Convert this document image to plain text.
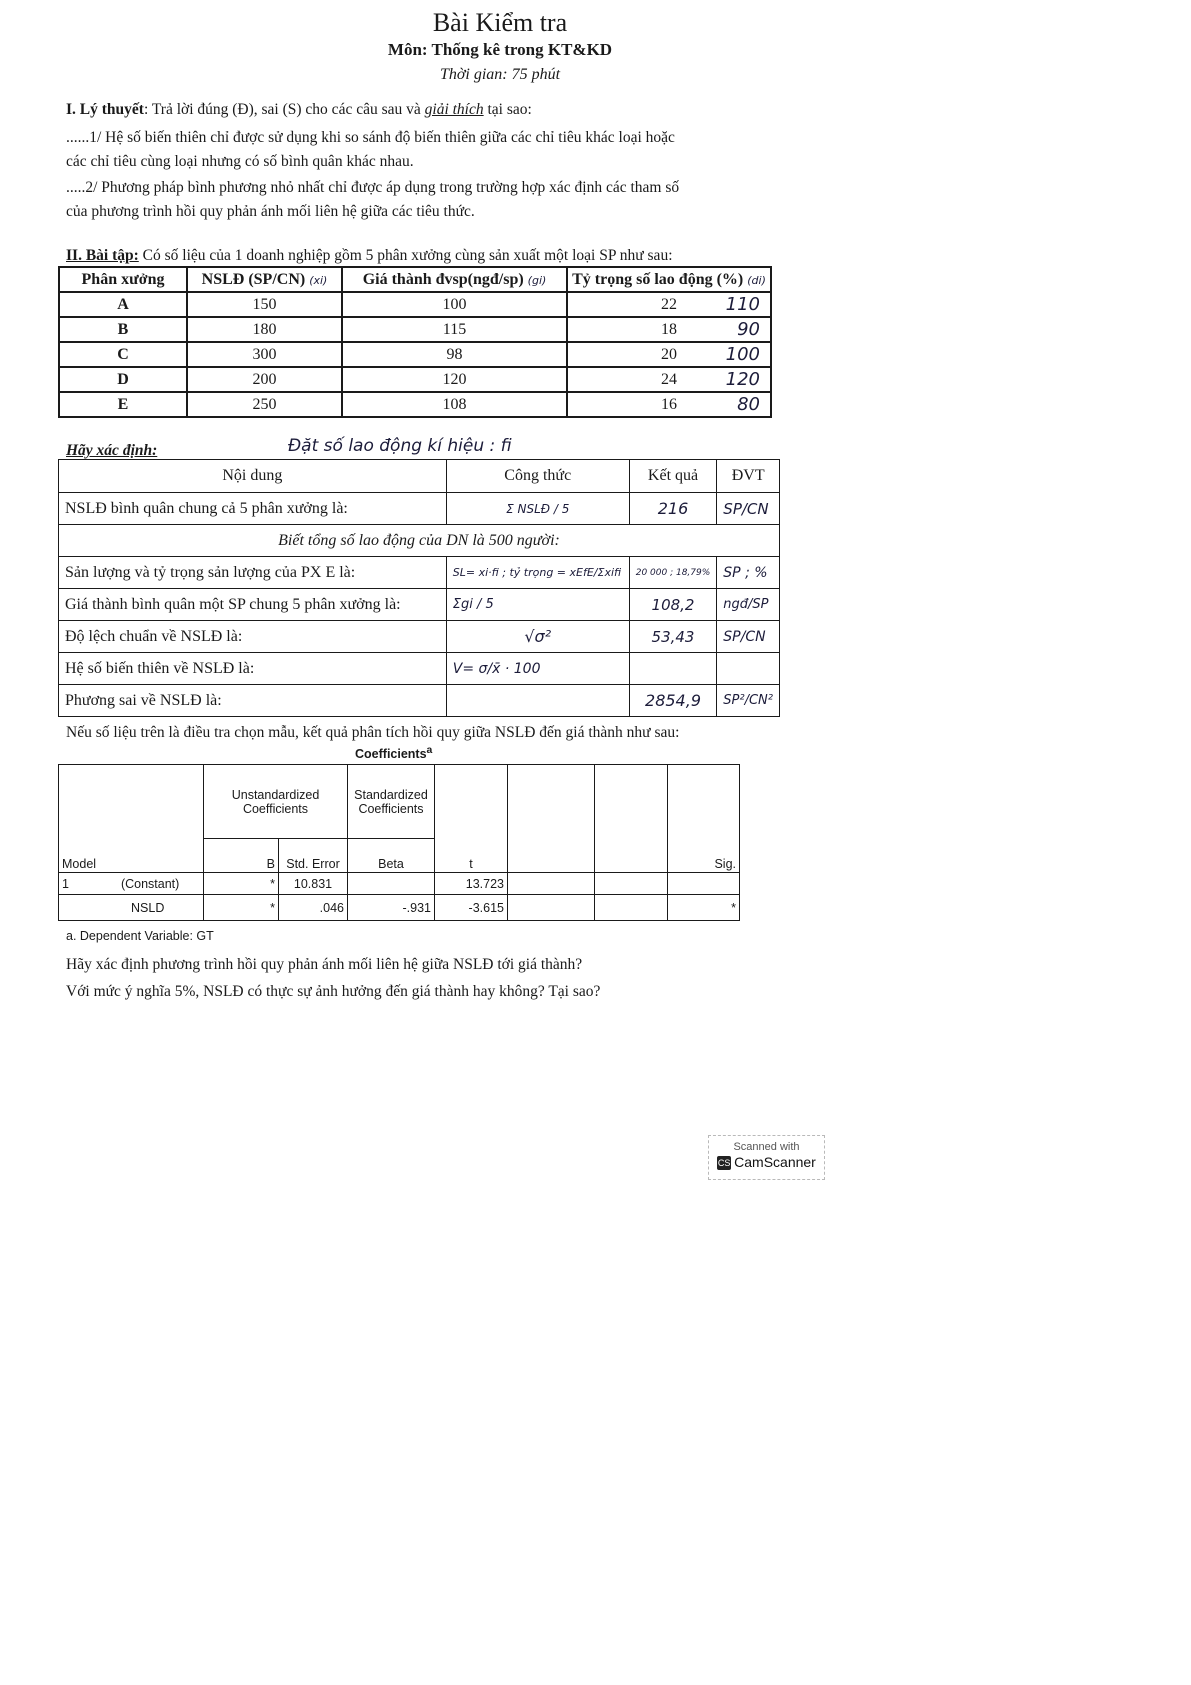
Bài Kiểm tra
Môn: Thống kê trong KT&KD
Thời gian: 75 phút
I. Lý thuyết: Trả lời đúng (Đ), sai (S) cho các câu sau và giải thích tại sao:
......1/ Hệ số biến thiên chỉ được sử dụng khi so sánh độ biến thiên giữa các chỉ tiêu khác loại hoặc
các chỉ tiêu cùng loại nhưng có số bình quân khác nhau.
.....2/ Phương pháp bình phương nhỏ nhất chỉ được áp dụng trong trường hợp xác định các tham số
của phương trình hồi quy phản ánh mối liên hệ giữa các tiêu thức.
II. Bài tập: Có số liệu của 1 doanh nghiệp gồm 5 phân xưởng cùng sản xuất một loại SP như sau:
Phân xưởng	NSLĐ (SP/CN) (xi)	Giá thành đvsp(ngđ/sp) (gi)	Tỷ trọng số lao động (%) (di)
A	150	100	22 110

B	180	115	18 90

C	300	98	20 100

D	200	120	24 120

E	250	108	16 80
Hãy xác định:	Đặt số lao động kí hiệu : fi
Nội dung	Công thức	Kết quả	ĐVT
NSLĐ bình quân chung cả 5 phân xưởng là:	Σ NSLĐ / 5	216	SP/CN
Biết tổng số lao động của DN là 500 người:			
Sản lượng và tỷ trọng sản lượng của PX E là:	SL= xi·fi ; tỷ trọng = xEfE/Σxifi	20 000 ; 18,79%	SP ; %
Giá thành bình quân một SP chung 5 phân xưởng là:	Σgi / 5	108,2	ngđ/SP
Độ lệch chuẩn về NSLĐ là:	√σ²	53,43	SP/CN
Hệ số biến thiên về NSLĐ là:	V= σ/x̄ · 100		
Phương sai về NSLĐ là:		2854,9	SP²/CN²
Nếu số liệu trên là điều tra chọn mẫu, kết quả phân tích hồi quy giữa NSLĐ đến giá thành như sau:
Coefficients$^a$
Model	Unstandardized Coefficients		Standardized Coefficients	t			Sig.
	B	Std. Error	Beta				
1 (Constant)	*	10.831		13.723			
NSLD	*	.046	-.931	-3.615			*
a. Dependent Variable: GT
Hãy xác định phương trình hồi quy phản ánh mối liên hệ giữa NSLĐ tới giá thành?
Với mức ý nghĩa 5%, NSLĐ có thực sự ảnh hưởng đến giá thành hay không? Tại sao?
Scanned with
CS CamScanner
